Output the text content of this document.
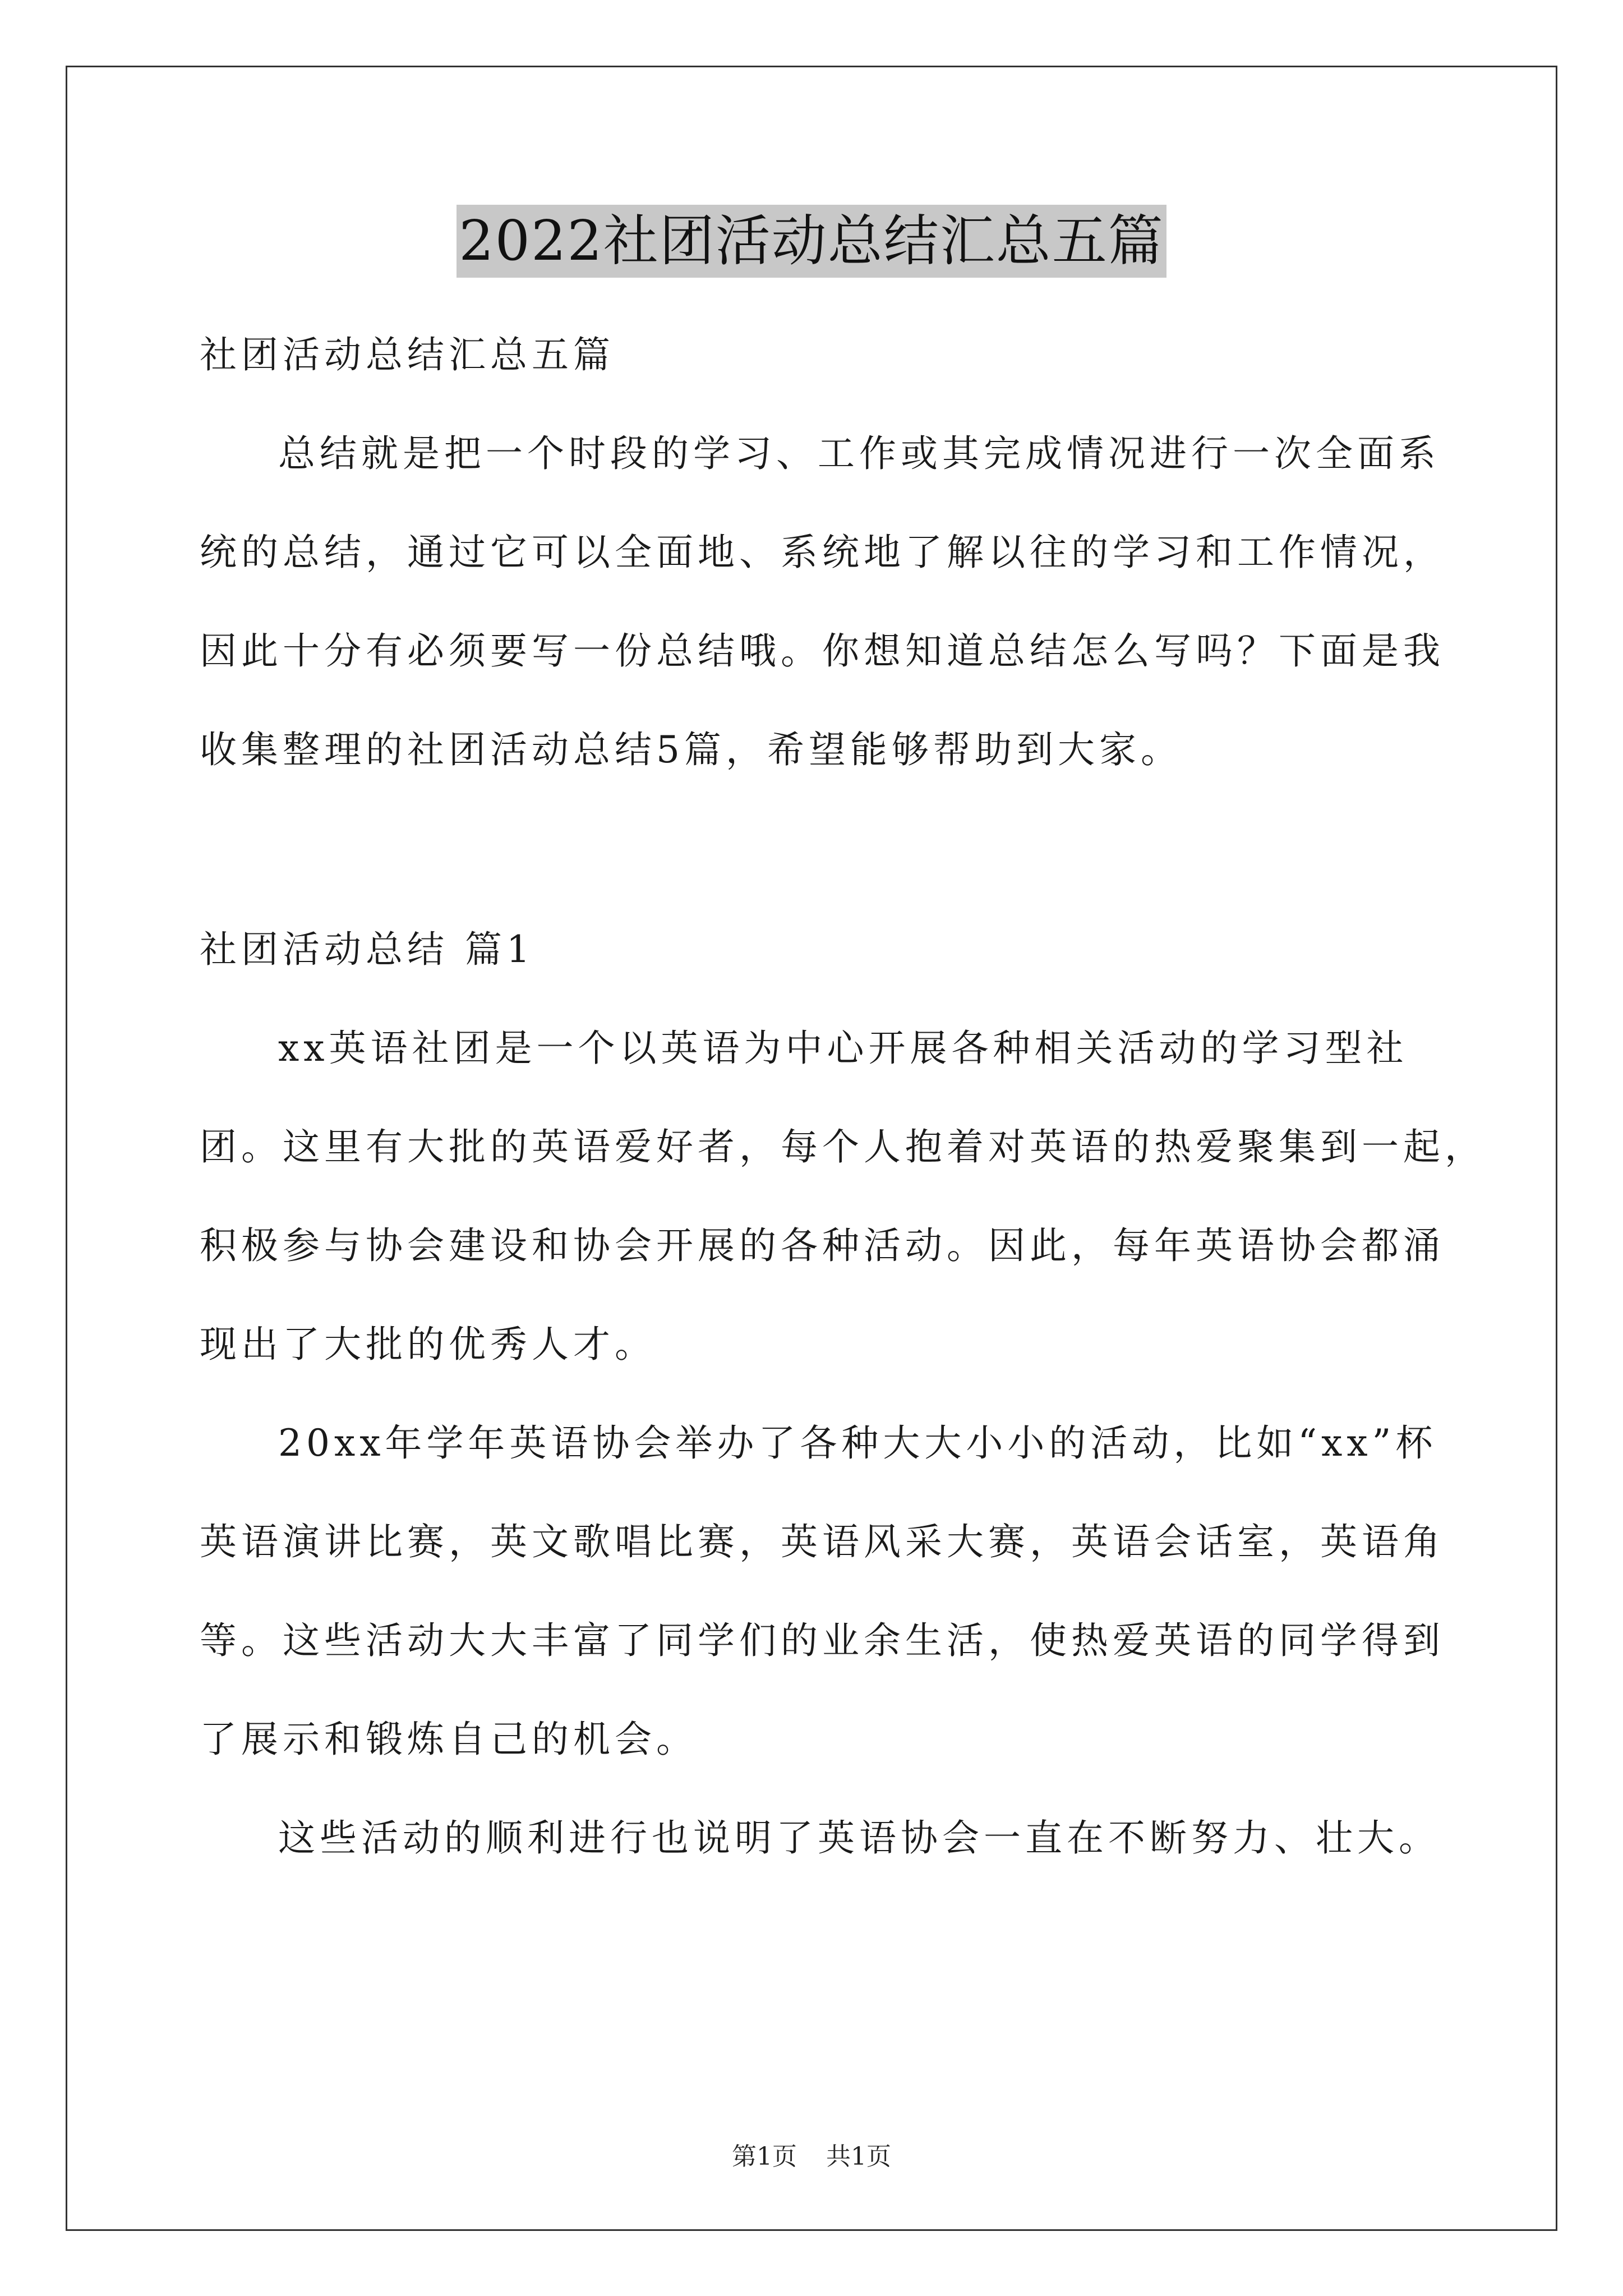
2022社团活动总结汇总五篇
社团活动总结汇总五篇
总结就是把一个时段的学习、工作或其完成情况进行一次全面系
统的总结，通过它可以全面地、系统地了解以往的学习和工作情况，
因此十分有必须要写一份总结哦。你想知道总结怎么写吗？下面是我
收集整理的社团活动总结5篇，希望能够帮助到大家。
社团活动总结 篇1
xx英语社团是一个以英语为中心开展各种相关活动的学习型社
团。这里有大批的英语爱好者，每个人抱着对英语的热爱聚集到一起，
积极参与协会建设和协会开展的各种活动。因此，每年英语协会都涌
现出了大批的优秀人才。
20xx年学年英语协会举办了各种大大小小的活动，比如“xx”杯
英语演讲比赛，英文歌唱比赛，英语风采大赛，英语会话室，英语角
等。这些活动大大丰富了同学们的业余生活，使热爱英语的同学得到
了展示和锻炼自己的机会。
这些活动的顺利进行也说明了英语协会一直在不断努力、壮大。
第1页 共1页
